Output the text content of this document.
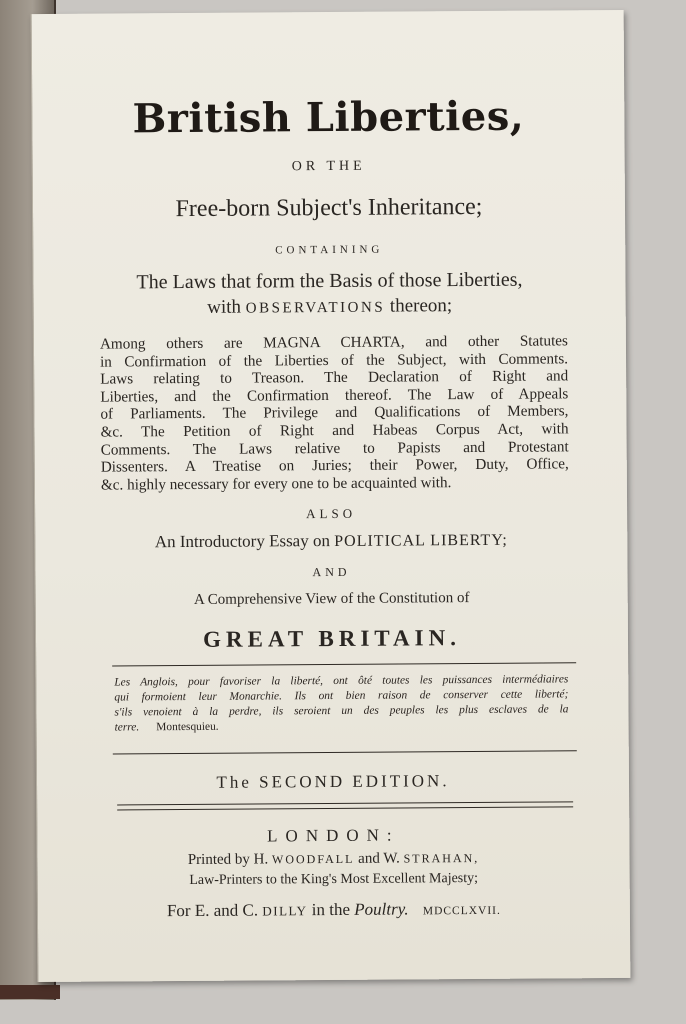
British Liberties,
OR THE
Free-born Subject's Inheritance;
CONTAINING
The Laws that form the Basis of those Liberties,
with OBSERVATIONS thereon;
Among others are MAGNA CHARTA, and other Statutes
in Confirmation of the Liberties of the Subject, with Comments.
Laws relating to Treason. The Declaration of Right and
Liberties, and the Confirmation thereof. The Law of Appeals
of Parliaments. The Privilege and Qualifications of Members,
&c. The Petition of Right and Habeas Corpus Act, with
Comments. The Laws relative to Papists and Protestant
Dissenters. A Treatise on Juries; their Power, Duty, Office,
&c. highly necessary for every one to be acquainted with.
ALSO
An Introductory Essay on POLITICAL LIBERTY;
AND
A Comprehensive View of the Constitution of
GREAT BRITAIN.
Les Anglois, pour favoriser la liberté, ont ôté toutes les puissances intermédiaires
qui formoient leur Monarchie. Ils ont bien raison de conserver cette liberté;
s'ils venoient à la perdre, ils seroient un des peuples les plus esclaves de la
terre. Montesquieu.
The SECOND EDITION.
LONDON:
Printed by H. WOODFALL and W. STRAHAN,
Law-Printers to the King's Most Excellent Majesty;
For E. and C. DILLY in the Poultry. MDCCLXVII.
